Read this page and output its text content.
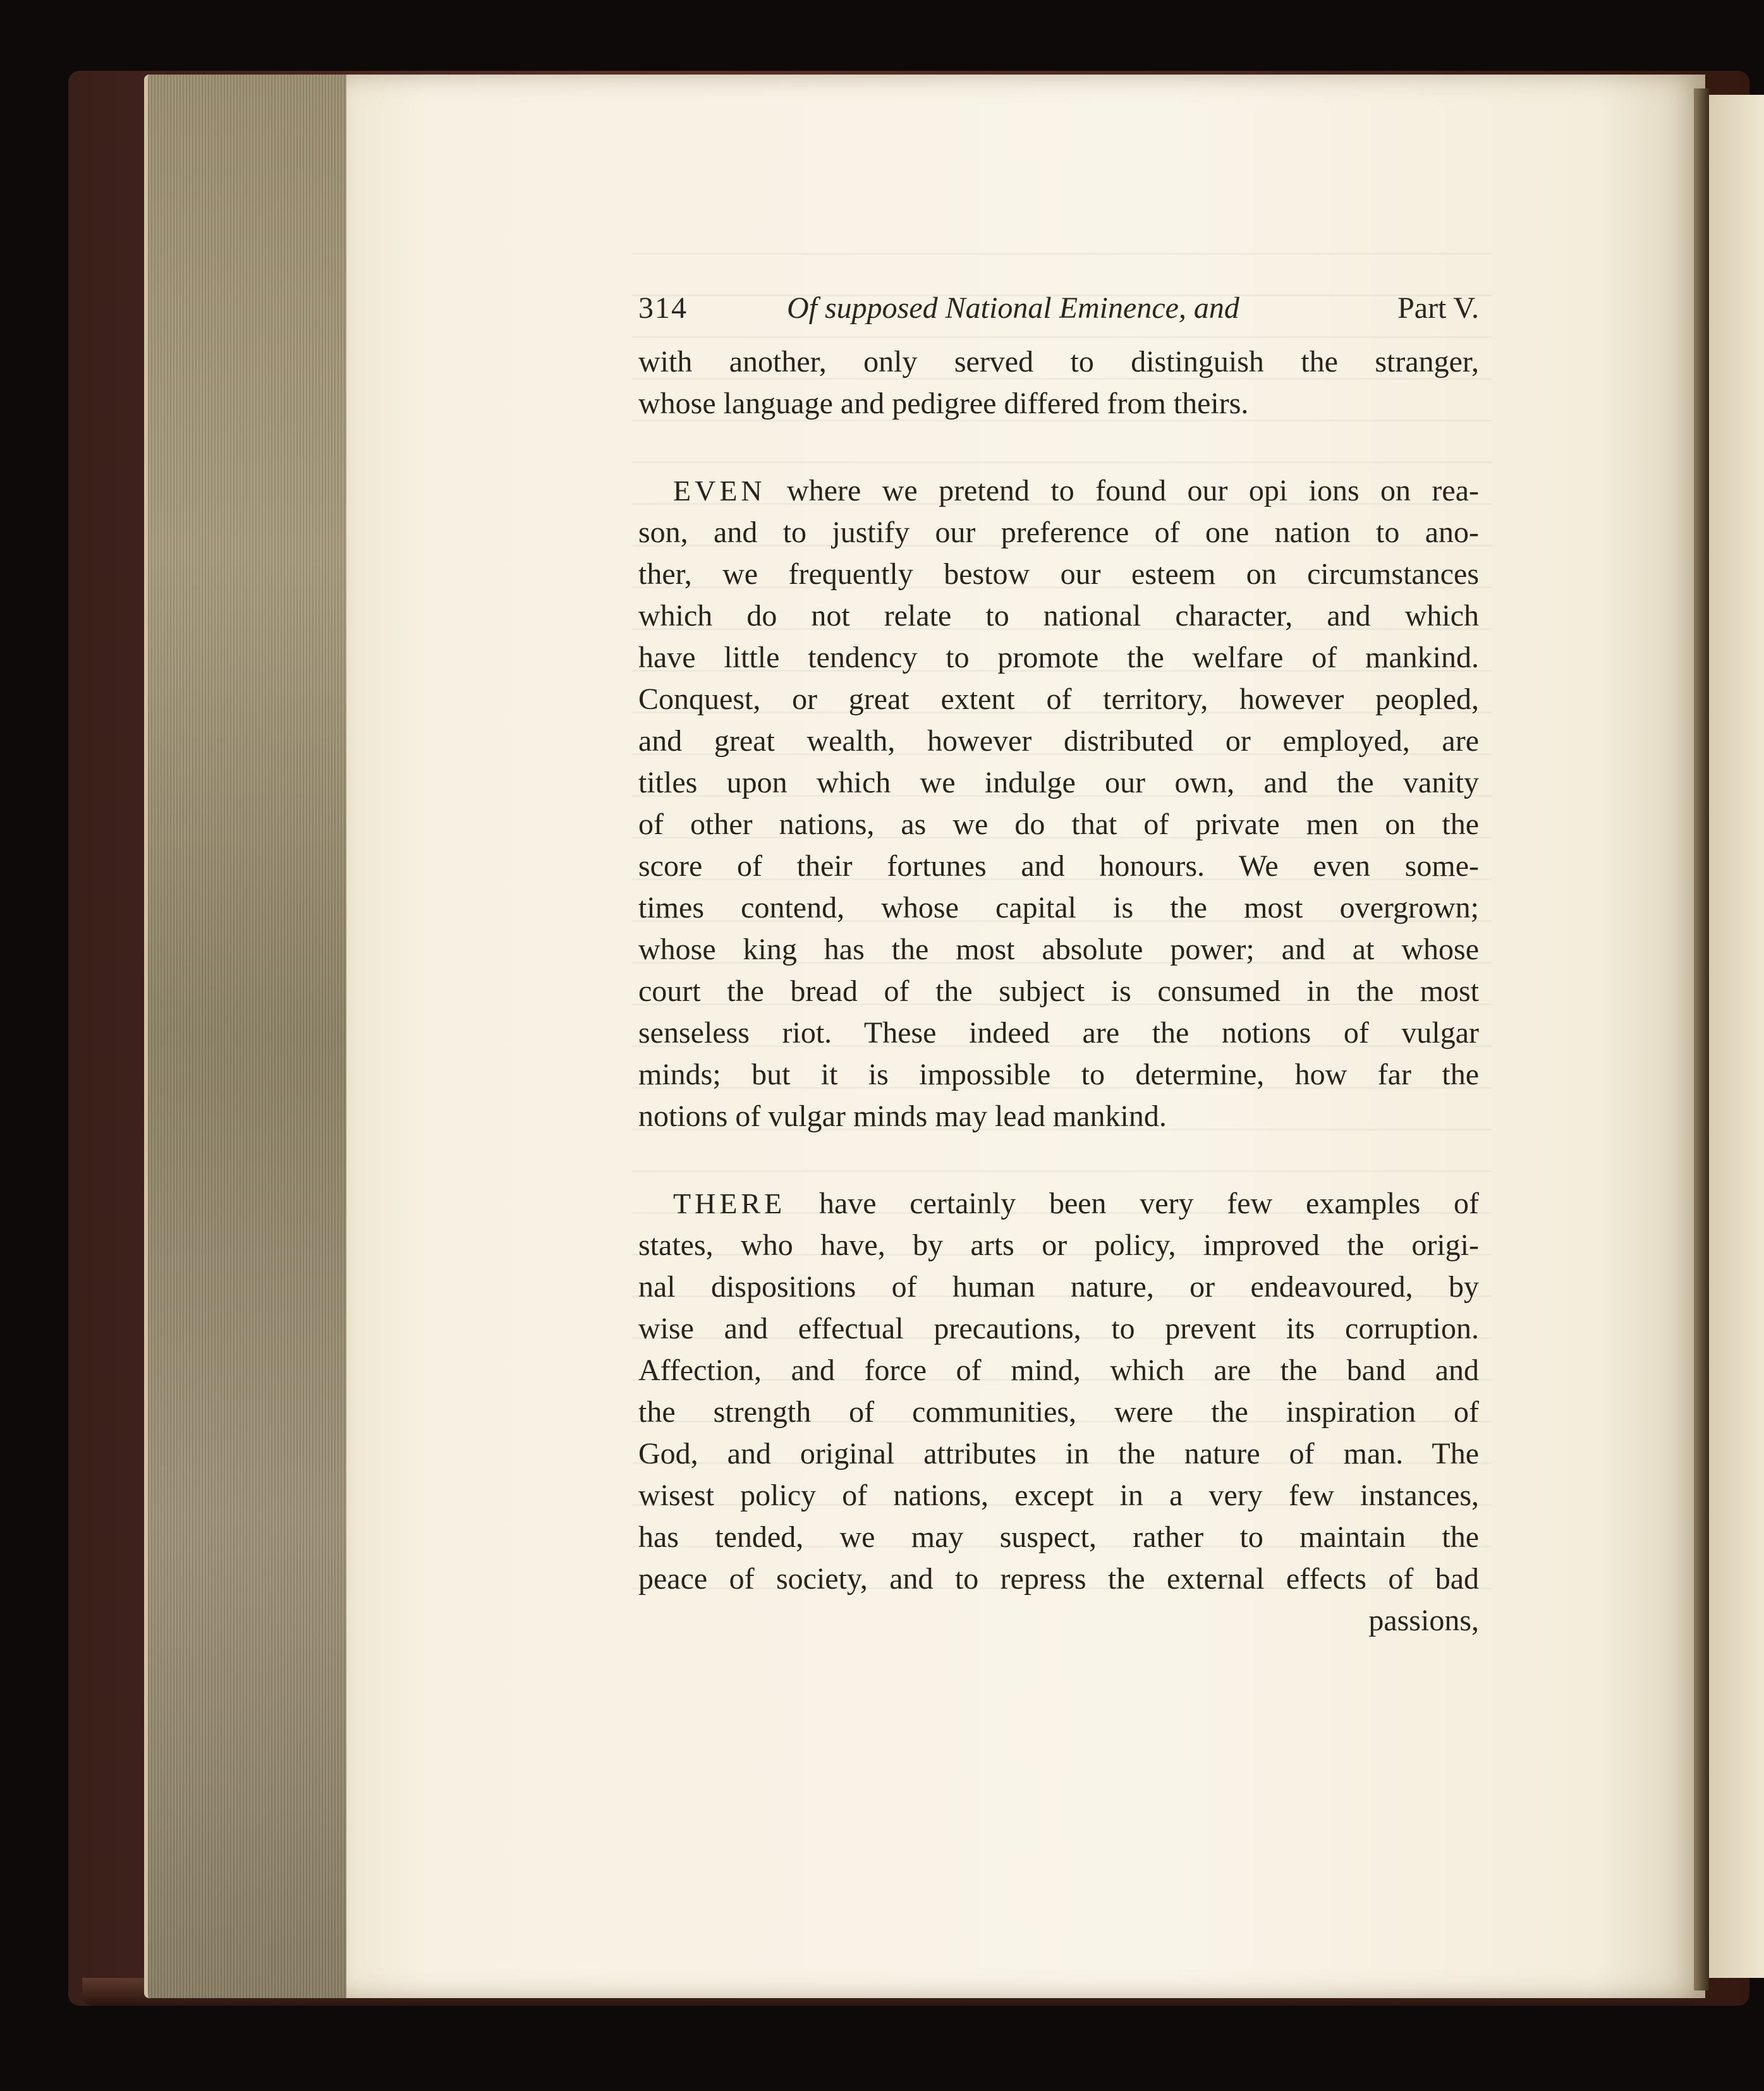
314	Of supposed National Eminence, and	Part V.
with another, only served to distinguish the stranger,
whose language and pedigree differed from theirs.
EVEN where we pretend to found our opi ions on rea-
son, and to justify our preference of one nation to ano-
ther, we frequently bestow our esteem on circumstances
which do not relate to national character, and which
have little tendency to promote the welfare of mankind.
Conquest, or great extent of territory, however peopled,
and great wealth, however distributed or employed, are
titles upon which we indulge our own, and the vanity
of other nations, as we do that of private men on the
score of their fortunes and honours. We even some-
times contend, whose capital is the most overgrown;
whose king has the most absolute power; and at whose
court the bread of the subject is consumed in the most
senseless riot. These indeed are the notions of vulgar
minds; but it is impossible to determine, how far the
notions of vulgar minds may lead mankind.
THERE have certainly been very few examples of
states, who have, by arts or policy, improved the origi-
nal dispositions of human nature, or endeavoured, by
wise and effectual precautions, to prevent its corruption.
Affection, and force of mind, which are the band and
the strength of communities, were the inspiration of
God, and original attributes in the nature of man. The
wisest policy of nations, except in a very few instances,
has tended, we may suspect, rather to maintain the
peace of society, and to repress the external effects of bad
passions,
